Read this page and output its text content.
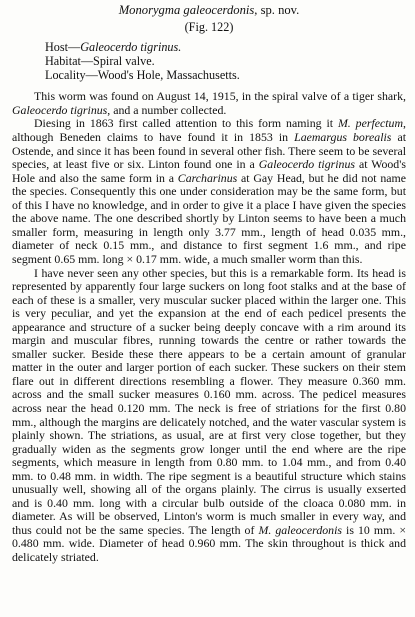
Monorygma galeocerdonis, sp. nov.

(Fig. 122)

Host—Galeocerdo tigrinus.
Habitat—Spiral valve.
Locality—Wood's Hole, Massachusetts.

This worm was found on August 14, 1915, in the spiral valve of a tiger shark, Galeocerdo tigrinus, and a number collected.

Diesing in 1863 first called attention to this form naming it M. perfectum, although Beneden claims to have found it in 1853 in Laemargus borealis at Ostende, and since it has been found in several other fish. There seem to be several species, at least five or six. Linton found one in a Galeocerdo tigrinus at Wood's Hole and also the same form in a Carcharinus at Gay Head, but he did not name the species. Consequently this one under consideration may be the same form, but of this I have no knowledge, and in order to give it a place I have given the species the above name. The one described shortly by Linton seems to have been a much smaller form, measuring in length only 3.77 mm., length of head 0.035 mm., diameter of neck 0.15 mm., and distance to first segment 1.6 mm., and ripe segment 0.65 mm. long × 0.17 mm. wide, a much smaller worm than this.

I have never seen any other species, but this is a remarkable form. Its head is represented by apparently four large suckers on long foot stalks and at the base of each of these is a smaller, very muscular sucker placed within the larger one. This is very peculiar, and yet the expansion at the end of each pedicel presents the appearance and structure of a sucker being deeply concave with a rim around its margin and muscular fibres, running towards the centre or rather towards the smaller sucker. Beside these there appears to be a certain amount of granular matter in the outer and larger portion of each sucker. These suckers on their stem flare out in different directions resembling a flower. They measure 0.360 mm. across and the small sucker measures 0.160 mm. across. The pedicel measures across near the head 0.120 mm. The neck is free of striations for the first 0.80 mm., although the margins are delicately notched, and the water vascular system is plainly shown. The striations, as usual, are at first very close together, but they gradually widen as the segments grow longer until the end where are the ripe segments, which measure in length from 0.80 mm. to 1.04 mm., and from 0.40 mm. to 0.48 mm. in width. The ripe segment is a beautiful structure which stains unusually well, showing all of the organs plainly. The cirrus is usually exserted and is 0.40 mm. long with a circular bulb outside of the cloaca 0.080 mm. in diameter. As will be observed, Linton's worm is much smaller in every way, and thus could not be the same species. The length of M. galeocerdonis is 10 mm. × 0.480 mm. wide. Diameter of head 0.960 mm. The skin throughout is thick and delicately striated.
